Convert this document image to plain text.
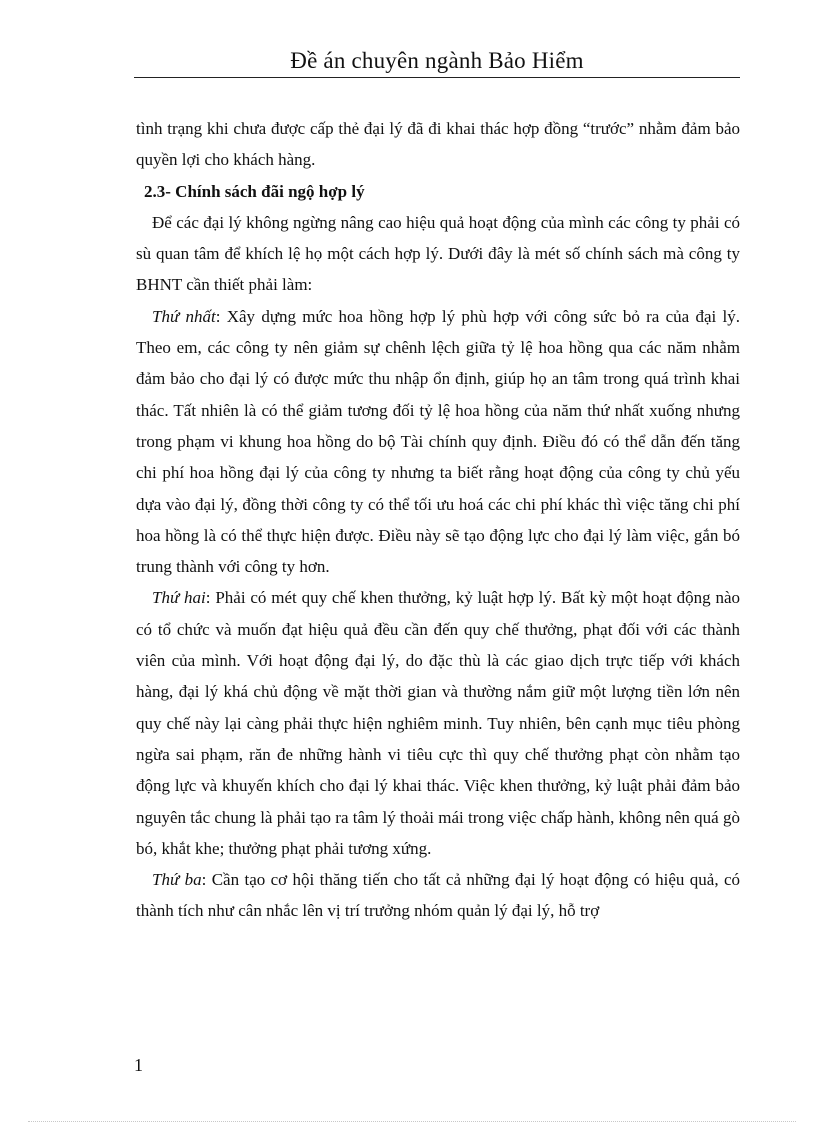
Đề án chuyên ngành Bảo Hiểm

tình trạng khi chưa được cấp thẻ đại lý đã đi khai thác hợp đồng “trước” nhằm đảm bảo quyền lợi cho khách hàng.

2.3- Chính sách đãi ngộ hợp lý

Để các đại lý không ngừng nâng cao hiệu quả hoạt động của mình các công ty phải có sù quan tâm để khích lệ họ một cách hợp lý. Dưới đây là mét số chính sách mà công ty BHNT cần thiết phải làm:

Thứ nhất: Xây dựng mức hoa hồng hợp lý phù hợp với công sức bỏ ra của đại lý. Theo em, các công ty nên giảm sự chênh lệch giữa tỷ lệ hoa hồng qua các năm nhằm đảm bảo cho đại lý có được mức thu nhập ổn định, giúp họ an tâm trong quá trình khai thác. Tất nhiên là có thể giảm tương đối tỷ lệ hoa hồng của năm thứ nhất xuống nhưng trong phạm vi khung hoa hồng do bộ Tài chính quy định. Điều đó có thể dẫn đến tăng chi phí hoa hồng đại lý của công ty nhưng ta biết rằng hoạt động của công ty chủ yếu dựa vào đại lý, đồng thời công ty có thể tối ưu hoá các chi phí khác thì việc tăng chi phí hoa hồng là có thể thực hiện được. Điều này sẽ tạo động lực cho đại lý làm việc, gắn bó trung thành với công ty hơn.

Thứ hai: Phải có mét quy chế khen thưởng, kỷ luật hợp lý. Bất kỳ một hoạt động nào có tổ chức và muốn đạt hiệu quả đều cần đến quy chế thưởng, phạt đối với các thành viên của mình. Với hoạt động đại lý, do đặc thù là các giao dịch trực tiếp với khách hàng, đại lý khá chủ động về mặt thời gian và thường nắm giữ một lượng tiền lớn nên quy chế này lại càng phải thực hiện nghiêm minh. Tuy nhiên, bên cạnh mục tiêu phòng ngừa sai phạm, răn đe những hành vi tiêu cực thì quy chế thưởng phạt còn nhằm tạo động lực và khuyến khích cho đại lý khai thác. Việc khen thưởng, kỷ luật phải đảm bảo nguyên tắc chung là phải tạo ra tâm lý thoải mái trong việc chấp hành, không nên quá gò bó, khắt khe; thưởng phạt phải tương xứng.

Thứ ba: Cần tạo cơ hội thăng tiến cho tất cả những đại lý hoạt động có hiệu quả, có thành tích như cân nhắc lên vị trí trưởng nhóm quản lý đại lý, hỗ trợ

1
